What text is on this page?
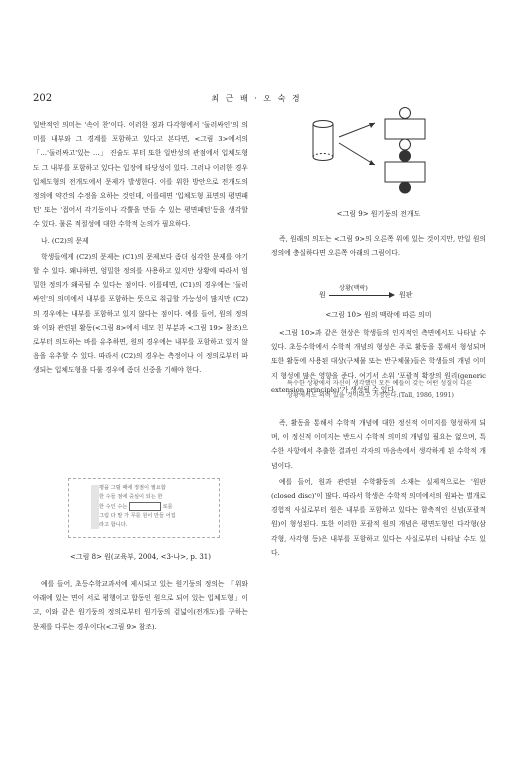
202	최 근 배 · 오 숙 경

일반적인 의미는 '속이 찬'이다. 이러한 점과 다각형에서 '둘러싸인'의 의미를 내부와 그 경계를 포함하고 있다고 본다면, <그림 3>에서의 「…'둘러싸고'있는 …」 진술도 부터 또한 일반성의 관점에서 입체도형도 그 내부를 포함하고 있다는 입장에 타당성이 있다. 그러나 이러한 경우 입체도형의 전개도에서 문제가 발생한다. 이를 위한 방안으로 전개도의 정의에 약간의 수정을 요하는 것인데, 이를테면 '입체도형 표면의 평면패턴' 또는 '접어서 각기둥이나 각뿔을 만들 수 있는 평면패턴'등을 생각할 수 있다. 물론 적절성에 대한 수학적 논의가 필요하다.

나. (C2)의 문제

학생들에게 (C2)의 문제는 (C1)의 문제보다 좀더 심각한 문제를 야기할 수 있다. 왜냐하면, 엄밀한 정의를 사용하고 있지만 상황에 따라서 엄밀한 정의가 왜곡될 수 있다는 점이다. 이를테면, (C1)의 경우에는 '둘러싸인'의 의미에서 내부를 포함하는 뜻으로 취급할 가능성이 많지만 (C2)의 경우에는 내부를 포함하고 있지 않다는 점이다. 예를 들어, 원의 정의와 이와 관련된 활동(<그림 8>에서 네모 친 부분과 <그림 19> 참조)으로부터 의도하는 바를 유추하면, 원의 경우에는 내부를 포함하고 있지 않음을 유추할 수 있다. 따라서 (C2)의 경우는 측정이나 이 정의로부터 파생되는 입체도형을 다룰 경우에 좀더 신중을 기해야 한다.

평을 그릴 때에 정점이 필요합
한 수들 점에 중심이 되는 한
한 수인 수는	로를
그림 다 말 가 무를 원이 만들 어집
라고 합니다.
<그림 8> 원(교육부, 2004, <3-나>, p. 31)

예를 들어, 초등수학교과서에 제시되고 있는 원기둥의 정의는 「위와 아래에 있는 면이 서로 평행이고 합동인 원으로 되어 있는 입체도형」이고, 이와 같은 원기둥의 정의로부터 원기둥의 겉넓이(전개도)를 구하는 문제를 다루는 경우이다(<그림 9> 참조).

<그림 9> 원기둥의 전개도

즉, 원래의 의도는 <그림 9>의 오른쪽 위에 있는 것이지만, 만일 원의 정의에 충실하다면 오른쪽 아래의 그림이다.

원
상황(맥락)
원판
<그림 10> 원의 맥락에 따른 의미

<그림 10>과 같은 현상은 학생들의 인지적인 측면에서도 나타날 수 있다. 초등수학에서 수학적 개념의 형성은 주로 활동을 통해서 형성되며 또한 활동에 사용된 대상(구체물 또는 반구체물)들은 학생들의 개념 이미지 형성에 많은 영향을 준다. 여기서 소위 '포괄적 확장의 원리(generic extension principle)'가 생성될 수 있다.

특수한 상황에서 자신이 생각했던 모든 예들이 갖는 어떤 성질이 다른 상황에서도 의미 있을 것이라고 가정한다.(Tall, 1986, 1991)

즉, 활동을 통해서 수학적 개념에 대한 정신적 이미지를 형성하게 되며, 이 정신적 이미지는 반드시 수학적 의미의 개념일 필요는 없으며, 특수한 사항에서 추출한 결과인 각자의 마음속에서 생각하게 된 수학적 개념이다.

예를 들어, 원과 관련된 수학활동의 소재는 실제적으로는 '원판(closed disc)'이 많다. 따라서 학생은 수학적 의미에서의 원파는 별개로 경험적 사실로부터 원은 내부를 포함하고 있다는 함축적인 신념(포괄적 원)이 형성된다. 또한 이러한 포괄적 원의 개념은 평면도형인 다각형(삼각형, 사각형 등)은 내부를 포함하고 있다는 사실로부터 나타날 수도 있다.
